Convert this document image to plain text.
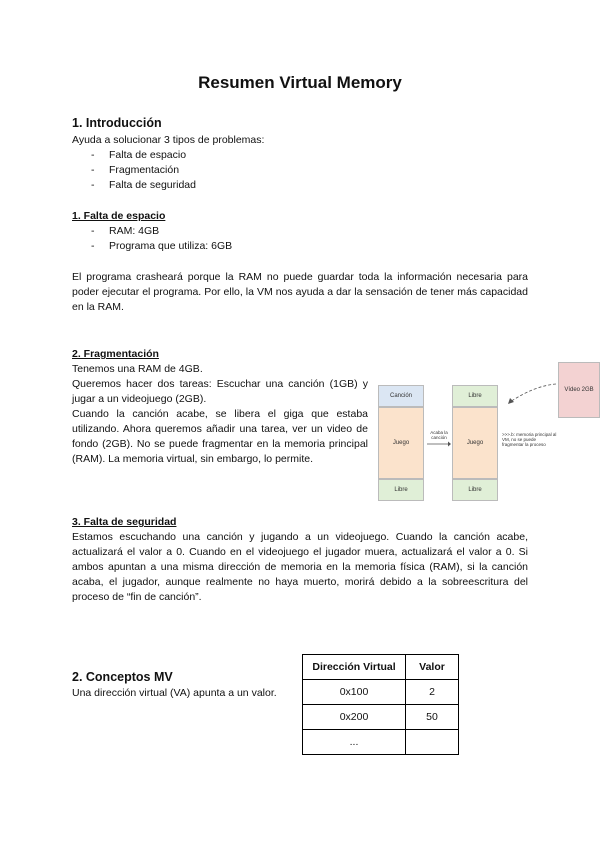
Resumen Virtual Memory
1. Introducción
Ayuda a solucionar 3 tipos de problemas:
- Falta de espacio
- Fragmentación
- Falta de seguridad
1. Falta de espacio
- RAM: 4GB
- Programa que utiliza: 6GB
El programa crasheará porque la RAM no puede guardar toda la información necesaria para poder ejecutar el programa. Por ello, la VM nos ayuda a dar la sensación de tener más capacidad en la RAM.
2. Fragmentación
Tenemos una RAM de 4GB.
Queremos hacer dos tareas: Escuchar una canción (1GB) y jugar a un videojuego (2GB).
Cuando la canción acabe, se libera el giga que estaba utilizando. Ahora queremos añadir una tarea, ver un video de fondo (2GB). No se puede fragmentar en la memoria principal (RAM). La memoria virtual, sin embargo, lo permite.
Canción
Juego
Libre
Acaba la canción
Libre
Juego
Libre
>>>.b: memoria principal al VM, no se puede fragmentar la proceso
Vídeo 2GB
3. Falta de seguridad
Estamos escuchando una canción y jugando a un videojuego. Cuando la canción acabe, actualizará el valor a 0. Cuando en el videojuego el jugador muera, actualizará el valor a 0. Si ambos apuntan a una misma dirección de memoria en la memoria física (RAM), si la canción acaba, el jugador, aunque realmente no haya muerto, morirá debido a la sobreescritura del proceso de “fin de canción”.
2. Conceptos MV
Una dirección virtual (VA) apunta a un valor.
Dirección Virtual	Valor
0x100	2
0x200	50
...	
